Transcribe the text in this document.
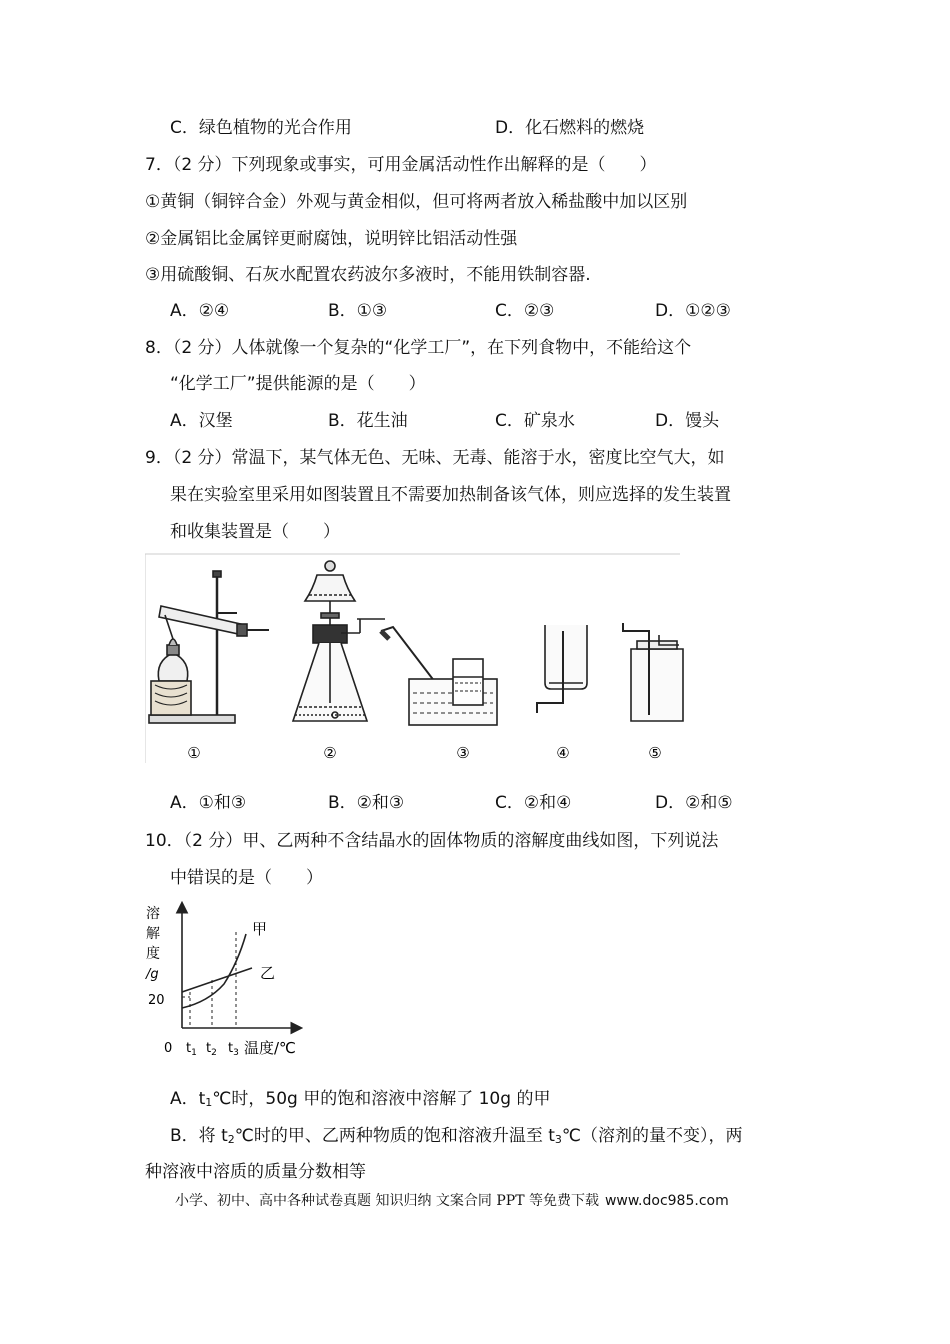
C．绿色植物的光合作用	D．化石燃料的燃烧
7．（2 分）下列现象或事实，可用金属活动性作出解释的是（　　）
①黄铜（铜锌合金）外观与黄金相似，但可将两者放入稀盐酸中加以区别
②金属铝比金属锌更耐腐蚀，说明锌比铝活动性强
③用硫酸铜、石灰水配置农药波尔多液时，不能用铁制容器.
A．②④	B．①③	C．②③	D．①②③
8．（2 分）人体就像一个复杂的“化学工厂”，在下列食物中，不能给这个
“化学工厂”提供能源的是（　　）
A．汉堡	B．花生油	C．矿泉水	D．馒头
9．（2 分）常温下，某气体无色、无味、无毒、能溶于水，密度比空气大，如
果在实验室里采用如图装置且不需要加热制备该气体，则应选择的发生装置
和收集装置是（　　）
①	②	③	④	⑤
A．①和③	B．②和③	C．②和④	D．②和⑤
10．（2 分）甲、乙两种不含结晶水的固体物质的溶解度曲线如图，下列说法
中错误的是（　　）
溶
解
度
/g
20
甲
乙
0 $t_1$ $t_2$ $t_3$ 温度/℃
A．$t_1℃$时，50g 甲的饱和溶液中溶解了 10g 的甲
B．将 $t_2℃$时的甲、乙两种物质的饱和溶液升温至 $t_3℃$（溶剂的量不变），两
种溶液中溶质的质量分数相等
小学、初中、高中各种试卷真题 知识归纳 文案合同 PPT 等免费下载 www.doc985.com
